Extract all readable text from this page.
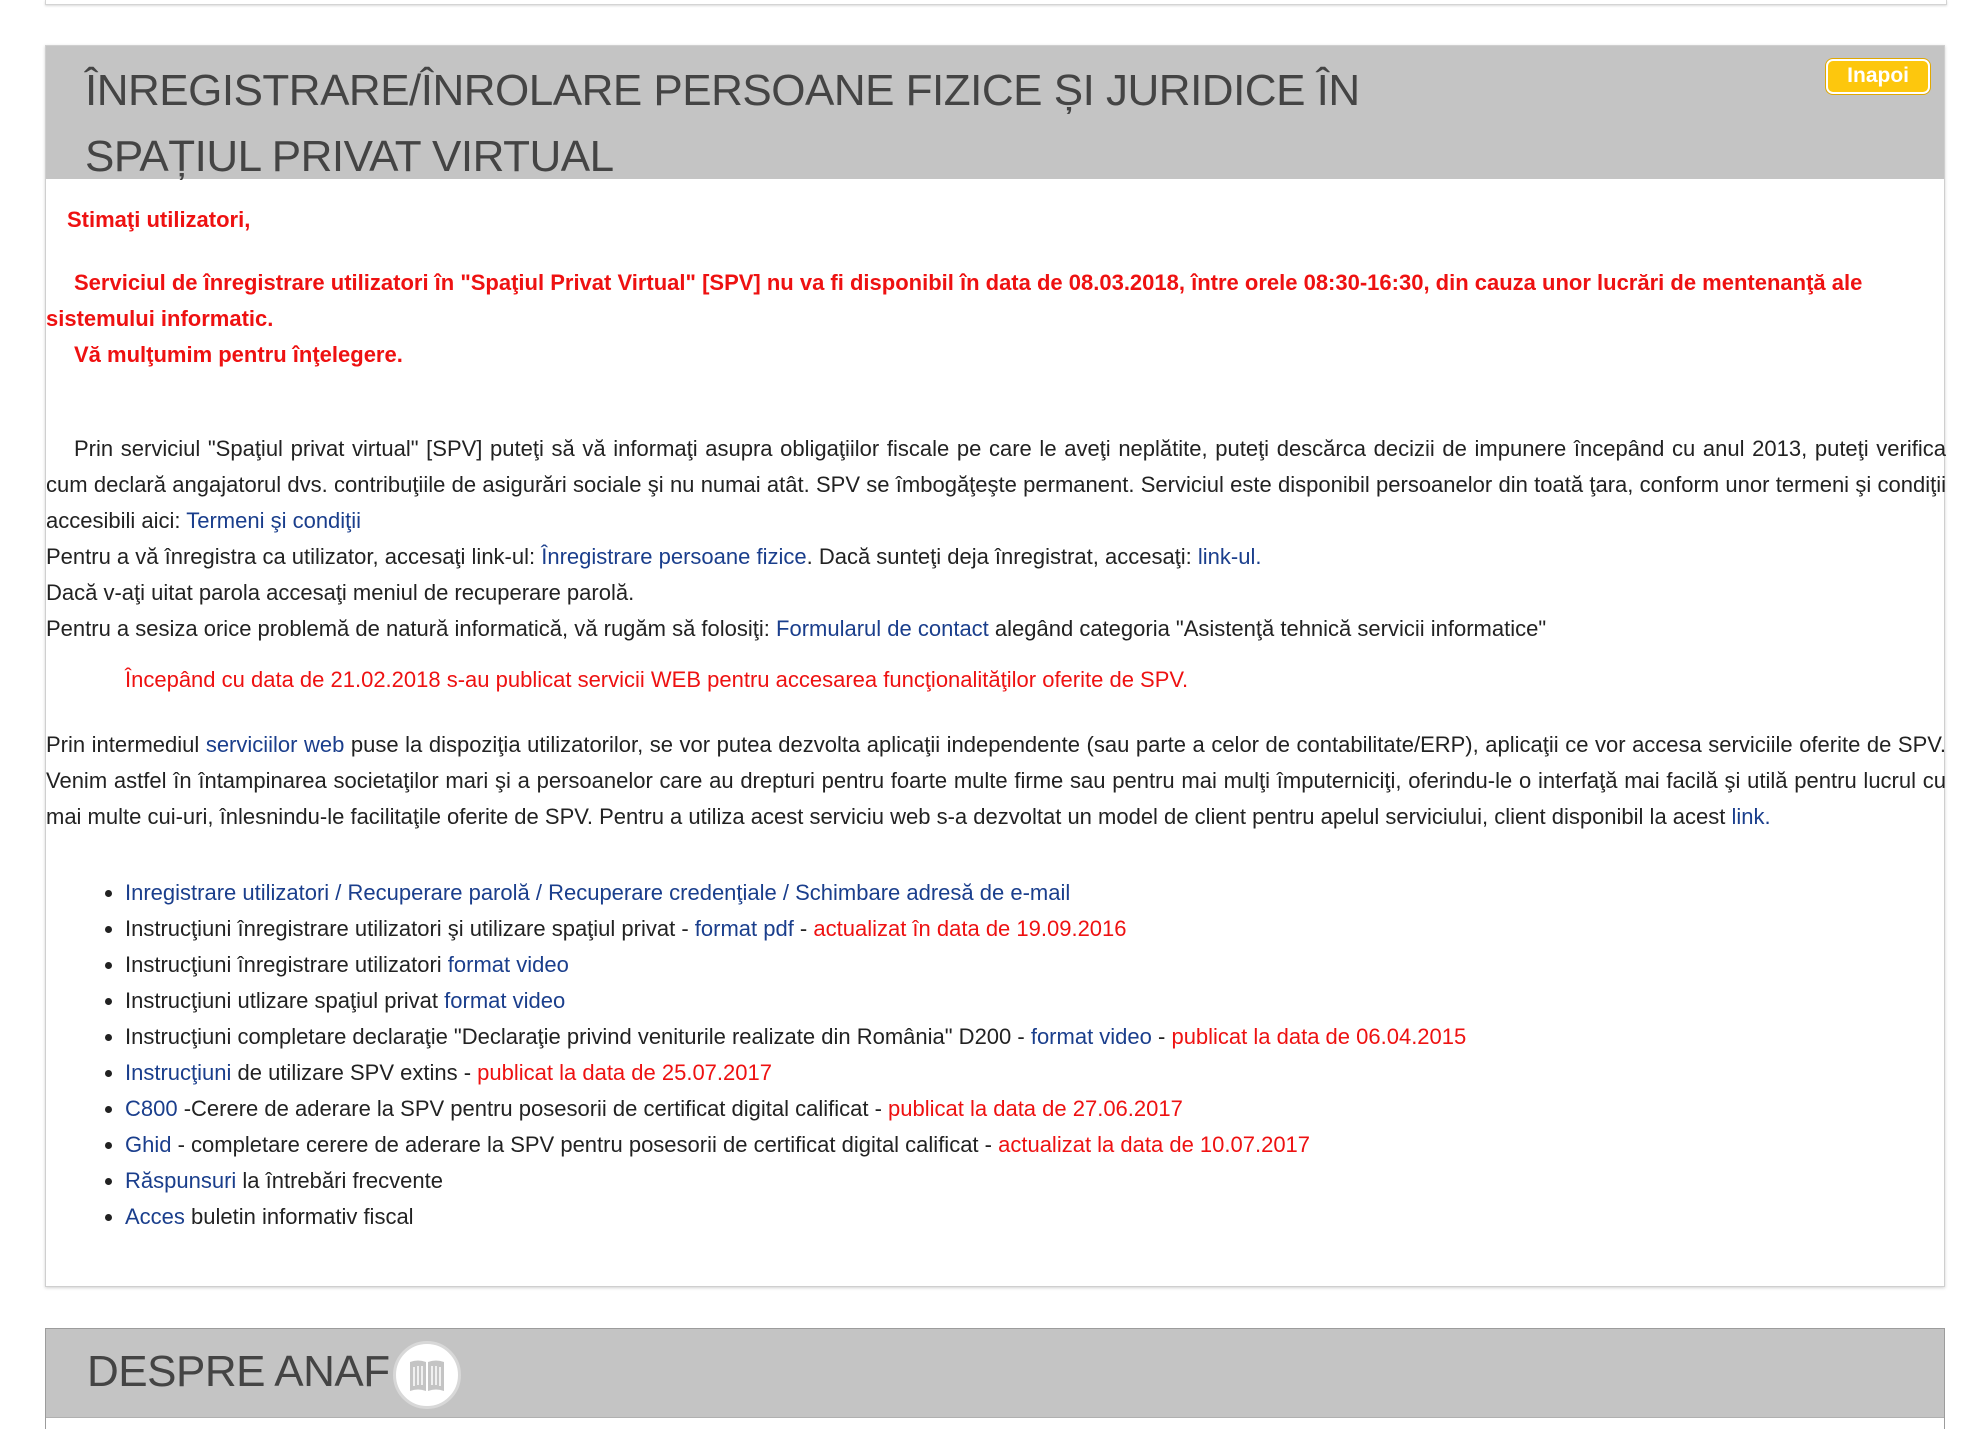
ÎNREGISTRARE/ÎNROLARE PERSOANE FIZICE ȘI JURIDICE ÎN SPAȚIUL PRIVAT VIRTUAL
Inapoi
Stimaţi utilizatori,
Serviciul de înregistrare utilizatori în "Spaţiul Privat Virtual" [SPV] nu va fi disponibil în data de 08.03.2018, între orele 08:30-16:30, din cauza unor lucrări de mentenanţă ale sistemului informatic.
Vă mulţumim pentru înţelegere.

Prin serviciul "Spaţiul privat virtual" [SPV] puteţi să vă informaţi asupra obligaţiilor fiscale pe care le aveţi neplătite, puteţi descărca decizii de impunere începând cu anul 2013, puteţi verifica cum declară angajatorul dvs. contribuţiile de asigurări sociale şi nu numai atât. SPV se îmbogăţeşte permanent. Serviciul este disponibil persoanelor din toată ţara, conform unor termeni şi condiţii accesibili aici: Termeni şi condiţii

Pentru a vă înregistra ca utilizator, accesaţi link-ul: Înregistrare persoane fizice. Dacă sunteţi deja înregistrat, accesaţi: link-ul.

Dacă v-aţi uitat parola accesaţi meniul de recuperare parolă.

Pentru a sesiza orice problemă de natură informatică, vă rugăm să folosiţi: Formularul de contact alegând categoria "Asistenţă tehnică servicii informatice"

Începând cu data de 21.02.2018 s-au publicat servicii WEB pentru accesarea funcţionalităţilor oferite de SPV.
Prin intermediul serviciilor web puse la dispoziţia utilizatorilor, se vor putea dezvolta aplicaţii independente (sau parte a celor de contabilitate/ERP), aplicaţii ce vor accesa serviciile oferite de SPV. Venim astfel în întampinarea societaţilor mari şi a persoanelor care au drepturi pentru foarte multe firme sau pentru mai mulţi împuterniciţi, oferindu-le o interfaţă mai facilă şi utilă pentru lucrul cu mai multe cui-uri, înlesnindu-le facilitaţile oferite de SPV. Pentru a utiliza acest serviciu web s-a dezvoltat un model de client pentru apelul serviciului, client disponibil la acest link.
Inregistrare utilizatori / Recuperare parolă / Recuperare credenţiale / Schimbare adresă de e-mail
Instrucţiuni înregistrare utilizatori şi utilizare spaţiul privat - format pdf - actualizat în data de 19.09.2016
Instrucţiuni înregistrare utilizatori format video
Instrucţiuni utlizare spaţiul privat format video
Instrucţiuni completare declaraţie "Declaraţie privind veniturile realizate din România" D200 - format video - publicat la data de 06.04.2015
Instrucţiuni de utilizare SPV extins - publicat la data de 25.07.2017
C800 -Cerere de aderare la SPV pentru posesorii de certificat digital calificat - publicat la data de 27.06.2017
Ghid - completare cerere de aderare la SPV pentru posesorii de certificat digital calificat - actualizat la data de 10.07.2017
Răspunsuri la întrebări frecvente
Acces buletin informativ fiscal
DESPRE ANAF
